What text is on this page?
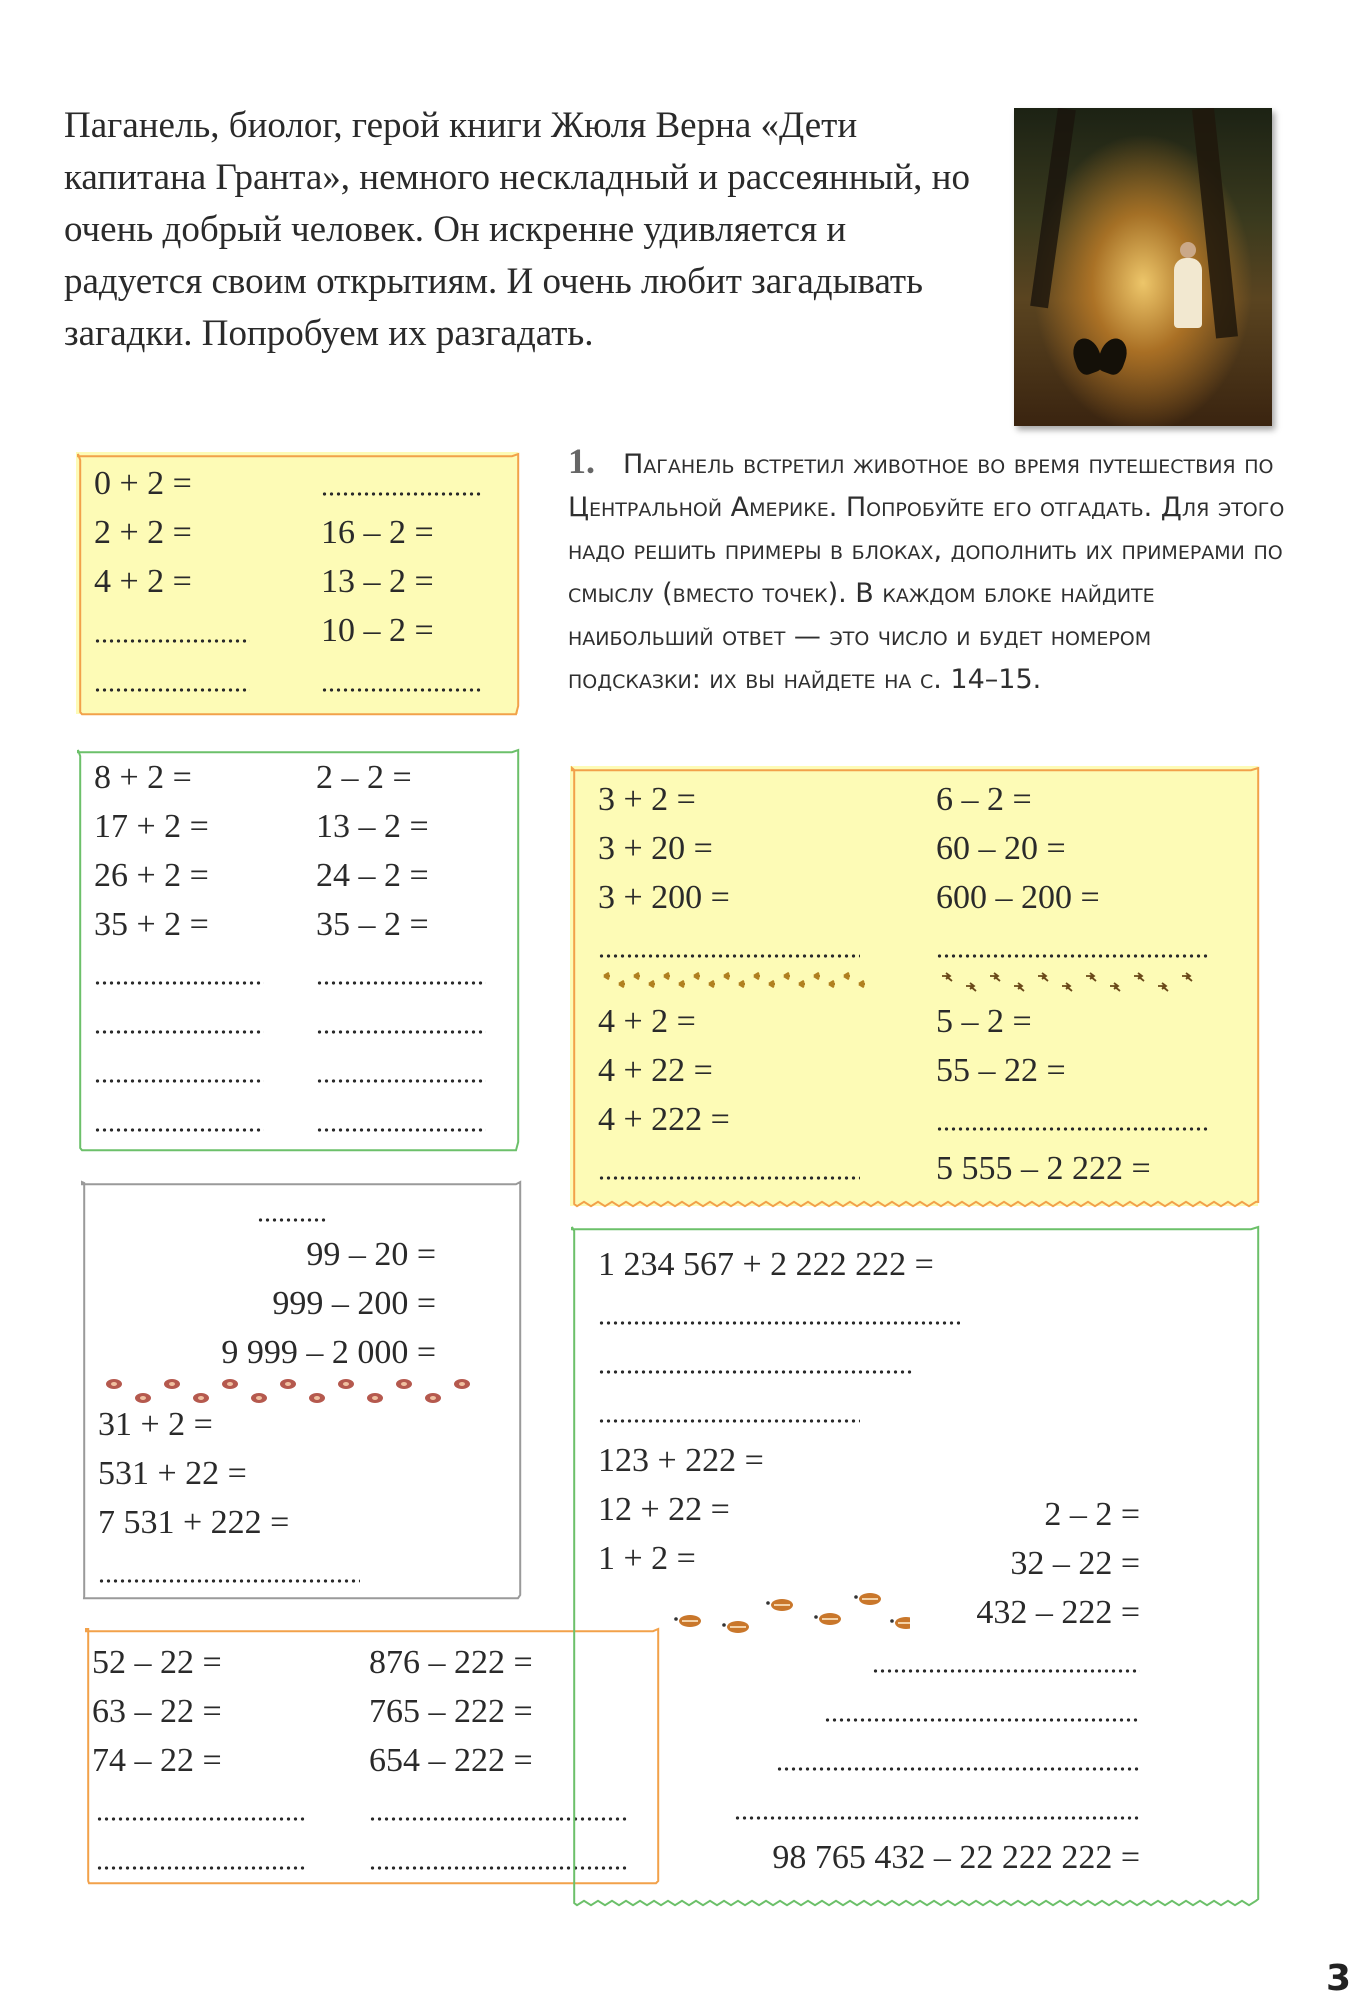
Паганель, биолог, герой книги Жюля Верна «Дети капитана Гранта», немного нескладный и рассеянный, но очень добрый человек. Он искренне удивляется и радуется своим открытиям. И очень любит загадывать загадки. Попробуем их разгадать.

1. Паганель встретил животное во время путешествия по Центральной Америке. Попробуйте его отгадать. Для этого надо решить примеры в блоках, дополнить их примерами по смыслу (вместо точек). В каждом блоке найдите наибольший ответ — это число и будет номером подсказки: их вы найдете на с. 14–15.

0 + 2 =
2 + 2 =
4 + 2 =
16 – 2 =
13 – 2 =
10 – 2 =
8 + 2 =
17 + 2 =
26 + 2 =
35 + 2 =
2 – 2 =
13 – 2 =
24 – 2 =
35 – 2 =
99 – 20 =
999 – 200 =
9 999 – 2 000 =
31 + 2 =
531 + 22 =
7 531 + 222 =
52 – 22 =
63 – 22 =
74 – 22 =
876 – 222 =
765 – 222 =
654 – 222 =
3 + 2 =
3 + 20 =
3 + 200 =
6 – 2 =
60 – 20 =
600 – 200 =
4 + 2 =
4 + 22 =
4 + 222 =
5 – 2 =
55 – 22 =
5 555 – 2 222 =
1 234 567 + 2 222 222 =
123 + 222 =
12 + 22 =
1 + 2 =
2 – 2 =
32 – 22 =
432 – 222 =
98 765 432 – 22 222 222 =
3
